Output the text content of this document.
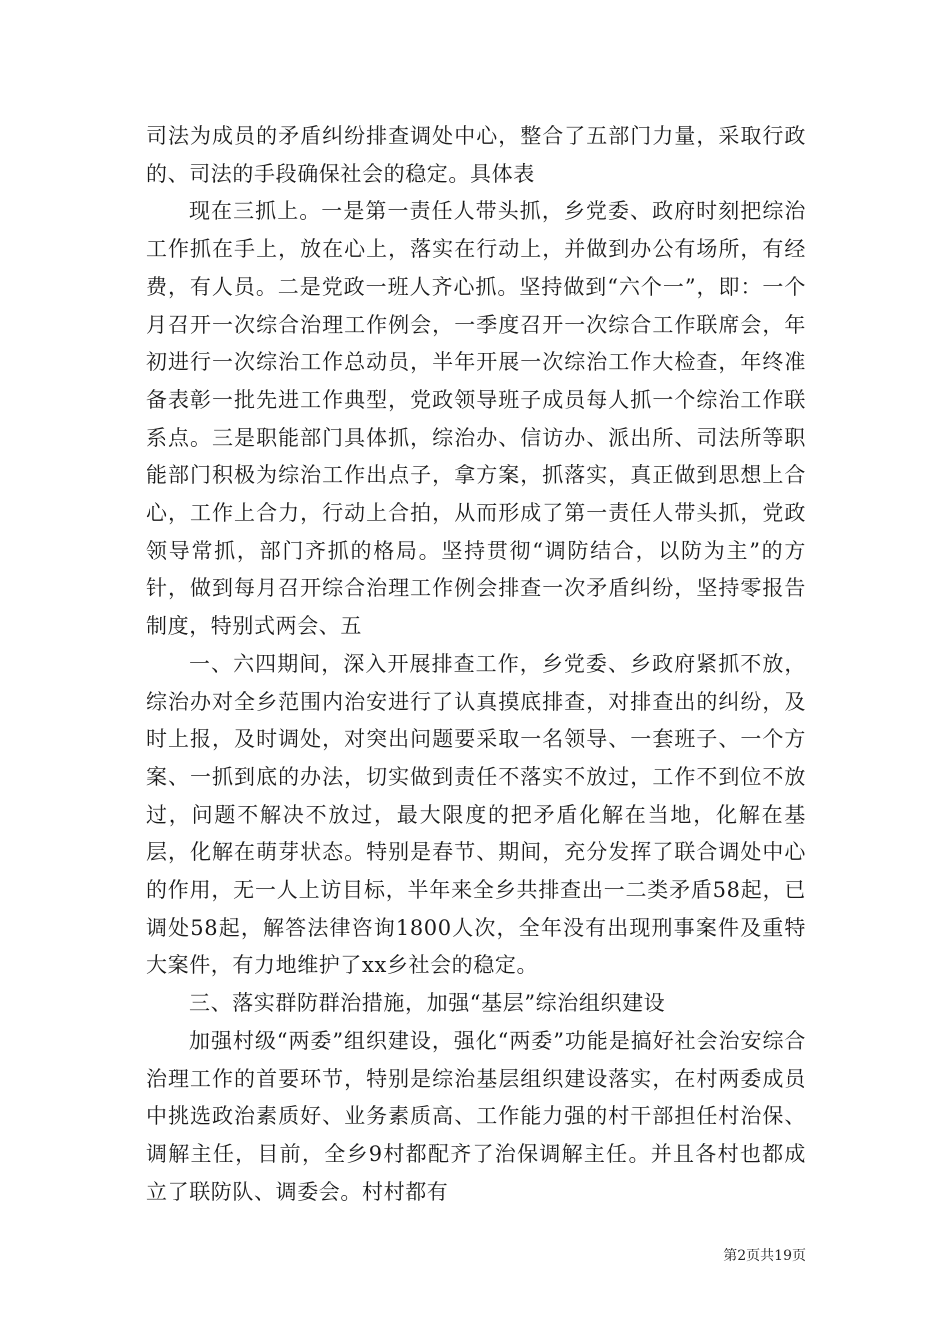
司法为成员的矛盾纠纷排查调处中心，整合了五部门力量，采取行政的、司法的手段确保社会的稳定。具体表

现在三抓上。一是第一责任人带头抓，乡党委、政府时刻把综治工作抓在手上，放在心上，落实在行动上，并做到办公有场所，有经费，有人员。二是党政一班人齐心抓。坚持做到“六个一”，即：一个月召开一次综合治理工作例会，一季度召开一次综合工作联席会，年初进行一次综治工作总动员，半年开展一次综治工作大检查，年终准备表彰一批先进工作典型，党政领导班子成员每人抓一个综治工作联系点。三是职能部门具体抓，综治办、信访办、派出所、司法所等职能部门积极为综治工作出点子，拿方案，抓落实，真正做到思想上合心，工作上合力，行动上合拍，从而形成了第一责任人带头抓，党政领导常抓，部门齐抓的格局。坚持贯彻“调防结合，以防为主”的方针，做到每月召开综合治理工作例会排查一次矛盾纠纷，坚持零报告制度，特别式两会、五

一、六四期间，深入开展排查工作，乡党委、乡政府紧抓不放，综治办对全乡范围内治安进行了认真摸底排查，对排查出的纠纷，及时上报，及时调处，对突出问题要采取一名领导、一套班子、一个方案、一抓到底的办法，切实做到责任不落实不放过，工作不到位不放过，问题不解决不放过，最大限度的把矛盾化解在当地，化解在基层，化解在萌芽状态。特别是春节、期间，充分发挥了联合调处中心的作用，无一人上访目标，半年来全乡共排查出一二类矛盾58起，已调处58起，解答法律咨询1800人次，全年没有出现刑事案件及重特大案件，有力地维护了xx乡社会的稳定。

三、落实群防群治措施，加强“基层”综治组织建设

加强村级“两委”组织建设，强化“两委”功能是搞好社会治安综合治理工作的首要环节，特别是综治基层组织建设落实，在村两委成员中挑选政治素质好、业务素质高、工作能力强的村干部担任村治保、调解主任，目前，全乡9村都配齐了治保调解主任。并且各村也都成立了联防队、调委会。村村都有

第2页共19页
